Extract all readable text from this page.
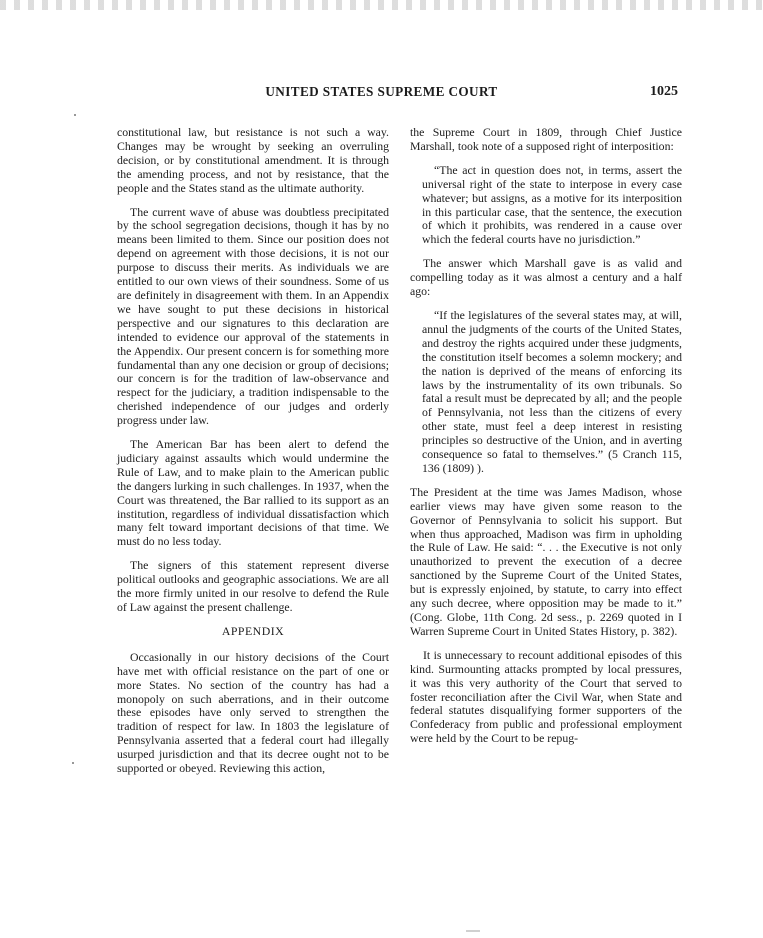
UNITED STATES SUPREME COURT	1025

constitutional law, but resistance is not such a way. Changes may be wrought by seeking an overruling decision, or by constitutional amendment. It is through the amending process, and not by resistance, that the people and the States stand as the ultimate authority.

The current wave of abuse was doubtless precipitated by the school segregation decisions, though it has by no means been limited to them. Since our position does not depend on agreement with those decisions, it is not our purpose to discuss their merits. As individuals we are entitled to our own views of their soundness. Some of us are definitely in disagreement with them. In an Appendix we have sought to put these decisions in historical perspective and our signatures to this declaration are intended to evidence our approval of the statements in the Appendix. Our present concern is for something more fundamental than any one decision or group of decisions; our concern is for the tradition of law-observance and respect for the judiciary, a tradition indispensable to the cherished independence of our judges and orderly progress under law.

The American Bar has been alert to defend the judiciary against assaults which would undermine the Rule of Law, and to make plain to the American public the dangers lurking in such challenges. In 1937, when the Court was threatened, the Bar rallied to its support as an institution, regardless of individual dissatisfaction which many felt toward important decisions of that time. We must do no less today.

The signers of this statement represent diverse political outlooks and geographic associations. We are all the more firmly united in our resolve to defend the Rule of Law against the present challenge.

APPENDIX

Occasionally in our history decisions of the Court have met with official resistance on the part of one or more States. No section of the country has had a monopoly on such aberrations, and in their outcome these episodes have only served to strengthen the tradition of respect for law. In 1803 the legislature of Pennsylvania asserted that a federal court had illegally usurped jurisdiction and that its decree ought not to be supported or obeyed. Reviewing this action,

the Supreme Court in 1809, through Chief Justice Marshall, took note of a supposed right of interposition:

“The act in question does not, in terms, assert the universal right of the state to interpose in every case whatever; but assigns, as a motive for its interposition in this particular case, that the sentence, the execution of which it prohibits, was rendered in a cause over which the federal courts have no jurisdiction.”

The answer which Marshall gave is as valid and compelling today as it was almost a century and a half ago:

“If the legislatures of the several states may, at will, annul the judgments of the courts of the United States, and destroy the rights acquired under these judgments, the constitution itself becomes a solemn mockery; and the nation is deprived of the means of enforcing its laws by the instrumentality of its own tribunals. So fatal a result must be deprecated by all; and the people of Pennsylvania, not less than the citizens of every other state, must feel a deep interest in resisting principles so destructive of the Union, and in averting consequence so fatal to themselves.” (5 Cranch 115, 136 (1809) ).

The President at the time was James Madison, whose earlier views may have given some reason to the Governor of Pennsylvania to solicit his support. But when thus approached, Madison was firm in upholding the Rule of Law. He said: “. . . the Executive is not only unauthorized to prevent the execution of a decree sanctioned by the Supreme Court of the United States, but is expressly enjoined, by statute, to carry into effect any such decree, where opposition may be made to it.” (Cong. Globe, 11th Cong. 2d sess., p. 2269 quoted in I Warren Supreme Court in United States History, p. 382).

It is unnecessary to recount additional episodes of this kind. Surmounting attacks prompted by local pressures, it was this very authority of the Court that served to foster reconciliation after the Civil War, when State and federal statutes disqualifying former supporters of the Confederacy from public and professional employment were held by the Court to be repug-
